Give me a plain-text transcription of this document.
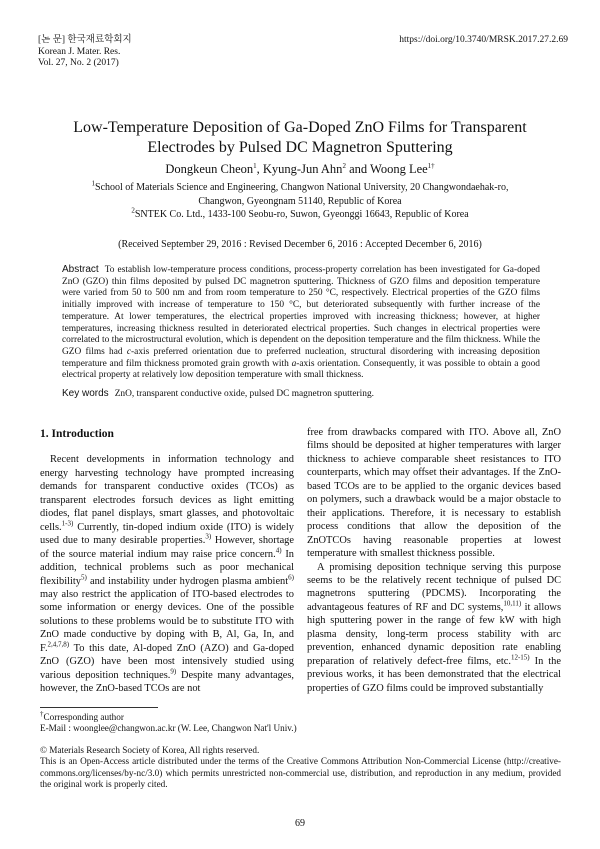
[논 문] 한국재료학회지
Korean J. Mater. Res.
Vol. 27, No. 2 (2017)
https://doi.org/10.3740/MRSK.2017.27.2.69
Low-Temperature Deposition of Ga-Doped ZnO Films for Transparent
Electrodes by Pulsed DC Magnetron Sputtering
Dongkeun Cheon$^1$, Kyung-Jun Ahn$^2$ and Woong Lee$^{1\dagger}$
$^1$School of Materials Science and Engineering, Changwon National University, 20 Changwondaehak-ro,
Changwon, Gyeongnam 51140, Republic of Korea
$^2$SNTEK Co. Ltd., 1433-100 Seobu-ro, Suwon, Gyeonggi 16643, Republic of Korea
(Received September 29, 2016 : Revised December 6, 2016 : Accepted December 6, 2016)
Abstract To establish low-temperature process conditions, process-property correlation has been investigated for Ga-doped ZnO (GZO) thin films deposited by pulsed DC magnetron sputtering. Thickness of GZO films and deposition temperature were varied from 50 to 500 nm and from room temperature to 250 °C, respectively. Electrical properties of the GZO films initially improved with increase of temperature to 150 °C, but deteriorated subsequently with further increase of the temperature. At lower temperatures, the electrical properties improved with increasing thickness; however, at higher temperatures, increasing thickness resulted in deteriorated electrical properties. Such changes in electrical properties were correlated to the microstructural evolution, which is dependent on the deposition temperature and the film thickness. While the GZO films had c-axis preferred orientation due to preferred nucleation, structural disordering with increasing deposition temperature and film thickness promoted grain growth with a-axis orientation. Consequently, it was possible to obtain a good electrical property at relatively low deposition temperature with small thickness.
Key words ZnO, transparent conductive oxide, pulsed DC magnetron sputtering.
1. Introduction

Recent developments in information technology and energy harvesting technology have prompted increasing demands for transparent conductive oxides (TCOs) as transparent electrodes forsuch devices as light emitting diodes, flat panel displays, smart glasses, and photovoltaic cells.$^{1-3)}$ Currently, tin-doped indium oxide (ITO) is widely used due to many desirable properties.$^{3)}$ However, shortage of the source material indium may raise price concern.$^{4)}$ In addition, technical problems such as poor mechanical flexibility$^{5)}$ and instability under hydrogen plasma ambient$^{6)}$ may also restrict the application of ITO-based electrodes to some information or energy devices. One of the possible solutions to these problems would be to substitute ITO with ZnO made conductive by doping with B, Al, Ga, In, and F.$^{2,4,7,8)}$ To this date, Al-doped ZnO (AZO) and Ga-doped ZnO (GZO) have been most intensively studied using various deposition techniques.$^{9)}$ Despite many advantages, however, the ZnO-based TCOs are not

free from drawbacks compared with ITO. Above all, ZnO films should be deposited at higher temperatures with larger thickness to achieve comparable sheet resistances to ITO counterparts, which may offset their advantages. If the ZnO-based TCOs are to be applied to the organic devices based on polymers, such a drawback would be a major obstacle to their applications. Therefore, it is necessary to establish process conditions that allow the deposition of the ZnOTCOs having reasonable properties at lowest temperature with smallest thickness possible.

A promising deposition technique serving this purpose seems to be the relatively recent technique of pulsed DC magnetrons sputtering (PDCMS). Incorporating the advantageous features of RF and DC systems,$^{10,11)}$ it allows high sputtering power in the range of few kW with high plasma density, long-term process stability with arc prevention, enhanced dynamic deposition rate enabling preparation of relatively defect-free films, etc.$^{12-15)}$ In the previous works, it has been demonstrated that the electrical properties of GZO films could be improved substantially

†Corresponding author
E-Mail : woonglee@changwon.ac.kr (W. Lee, Changwon Nat'l Univ.)
© Materials Research Society of Korea, All rights reserved.
This is an Open-Access article distributed under the terms of the Creative Commons Attribution Non-Commercial License (http://creative-commons.org/licenses/by-nc/3.0) which permits unrestricted non-commercial use, distribution, and reproduction in any medium, provided the original work is properly cited.
69
